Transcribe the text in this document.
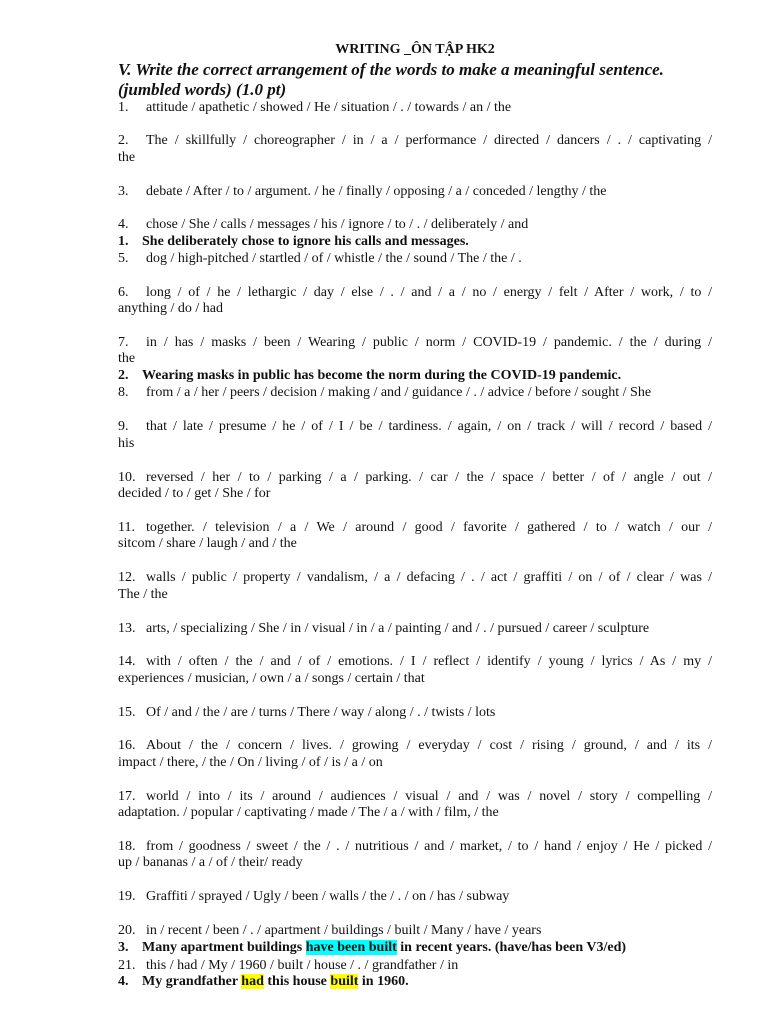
WRITING _ÔN TẬP HK2
V. Write the correct arrangement of the words to make a meaningful sentence.
(jumbled words) (1.0 pt)
1. attitude / apathetic / showed / He / situation / . / towards / an / the
2. The / skillfully / choreographer / in / a / performance / directed / dancers / . / captivating /
the
3. debate / After / to / argument. / he / finally / opposing / a / conceded / lengthy / the
4. chose / She / calls / messages / his / ignore / to / . / deliberately / and
1. She deliberately chose to ignore his calls and messages.
5. dog / high-pitched / startled / of / whistle / the / sound / The / the / .
6. long / of / he / lethargic / day / else / . / and / a / no / energy / felt / After / work, / to /
anything / do / had
7. in / has / masks / been / Wearing / public / norm / COVID-19 / pandemic. / the / during /
the
2. Wearing masks in public has become the norm during the COVID-19 pandemic.
8. from / a / her / peers / decision / making / and / guidance / . / advice / before / sought / She
9. that / late / presume / he / of / I / be / tardiness. / again, / on / track / will / record / based /
his
10. reversed / her / to / parking / a / parking. / car / the / space / better / of / angle / out /
decided / to / get / She / for
11. together. / television / a / We / around / good / favorite / gathered / to / watch / our /
sitcom / share / laugh / and / the
12. walls / public / property / vandalism, / a / defacing / . / act / graffiti / on / of / clear / was /
The / the
13. arts, / specializing / She / in / visual / in / a / painting / and / . / pursued / career / sculpture
14. with / often / the / and / of / emotions. / I / reflect / identify / young / lyrics / As / my /
experiences / musician, / own / a / songs / certain / that
15. Of / and / the / are / turns / There / way / along / . / twists / lots
16. About / the / concern / lives. / growing / everyday / cost / rising / ground, / and / its /
impact / there, / the / On / living / of / is / a / on
17. world / into / its / around / audiences / visual / and / was / novel / story / compelling /
adaptation. / popular / captivating / made / The / a / with / film, / the
18. from / goodness / sweet / the / . / nutritious / and / market, / to / hand / enjoy / He / picked /
up / bananas / a / of / their/ ready
19. Graffiti / sprayed / Ugly / been / walls / the / . / on / has / subway
20. in / recent / been / . / apartment / buildings / built / Many / have / years
3. Many apartment buildings have been built in recent years. (have/has been V3/ed)
21. this / had / My / 1960 / built / house / . / grandfather / in
4. My grandfather had this house built in 1960.
